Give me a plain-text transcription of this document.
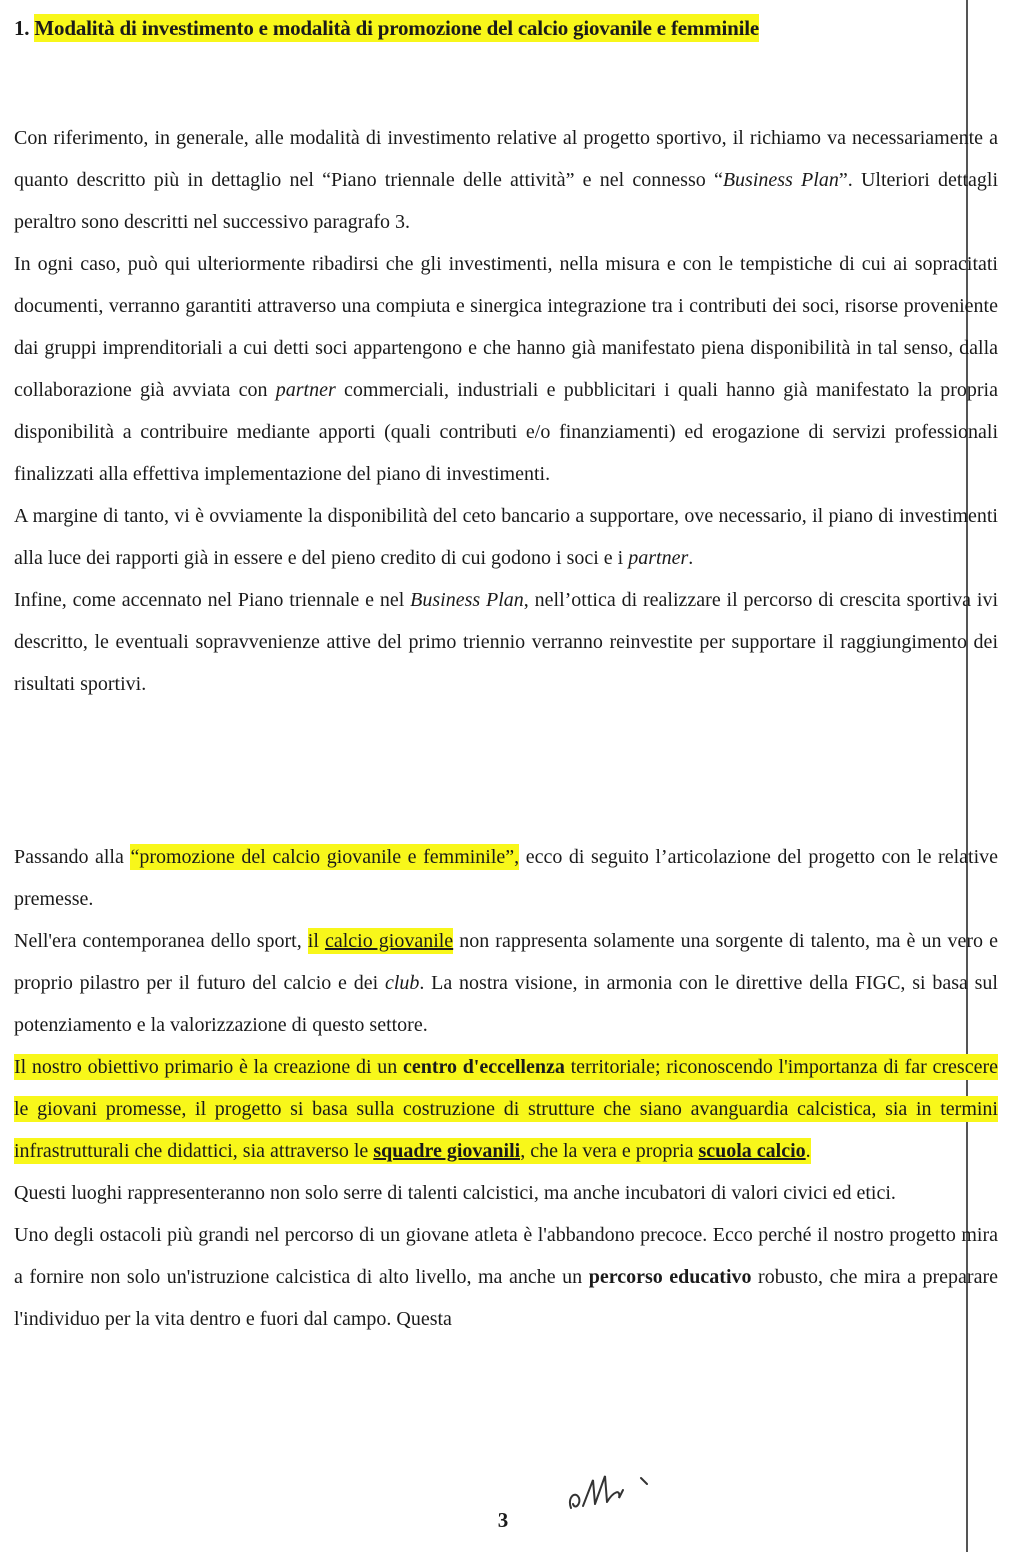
1. Modalità di investimento e modalità di promozione del calcio giovanile e femminile

Con riferimento, in generale, alle modalità di investimento relative al progetto sportivo, il richiamo va necessariamente a quanto descritto più in dettaglio nel “Piano triennale delle attività” e nel connesso “Business Plan”. Ulteriori dettagli peraltro sono descritti nel successivo paragrafo 3.

In ogni caso, può qui ulteriormente ribadirsi che gli investimenti, nella misura e con le tempistiche di cui ai sopracitati documenti, verranno garantiti attraverso una compiuta e sinergica integrazione tra i contributi dei soci, risorse proveniente dai gruppi imprenditoriali a cui detti soci appartengono e che hanno già manifestato piena disponibilità in tal senso, dalla collaborazione già avviata con partner commerciali, industriali e pubblicitari i quali hanno già manifestato la propria disponibilità a contribuire mediante apporti (quali contributi e/o finanziamenti) ed erogazione di servizi professionali finalizzati alla effettiva implementazione del piano di investimenti.

A margine di tanto, vi è ovviamente la disponibilità del ceto bancario a supportare, ove necessario, il piano di investimenti alla luce dei rapporti già in essere e del pieno credito di cui godono i soci e i partner.

Infine, come accennato nel Piano triennale e nel Business Plan, nell’ottica di realizzare il percorso di crescita sportiva ivi descritto, le eventuali sopravvenienze attive del primo triennio verranno reinvestite per supportare il raggiungimento dei risultati sportivi.

Passando alla “promozione del calcio giovanile e femminile”, ecco di seguito l’articolazione del progetto con le relative premesse.

Nell'era contemporanea dello sport, il calcio giovanile non rappresenta solamente una sorgente di talento, ma è un vero e proprio pilastro per il futuro del calcio e dei club. La nostra visione, in armonia con le direttive della FIGC, si basa sul potenziamento e la valorizzazione di questo settore.

Il nostro obiettivo primario è la creazione di un centro d'eccellenza territoriale; riconoscendo l'importanza di far crescere le giovani promesse, il progetto si basa sulla costruzione di strutture che siano avanguardia calcistica, sia in termini infrastrutturali che didattici, sia attraverso le squadre giovanili, che la vera e propria scuola calcio.

Questi luoghi rappresenteranno non solo serre di talenti calcistici, ma anche incubatori di valori civici ed etici.

Uno degli ostacoli più grandi nel percorso di un giovane atleta è l'abbandono precoce. Ecco perché il nostro progetto mira a fornire non solo un'istruzione calcistica di alto livello, ma anche un percorso educativo robusto, che mira a preparare l'individuo per la vita dentro e fuori dal campo. Questa

3
